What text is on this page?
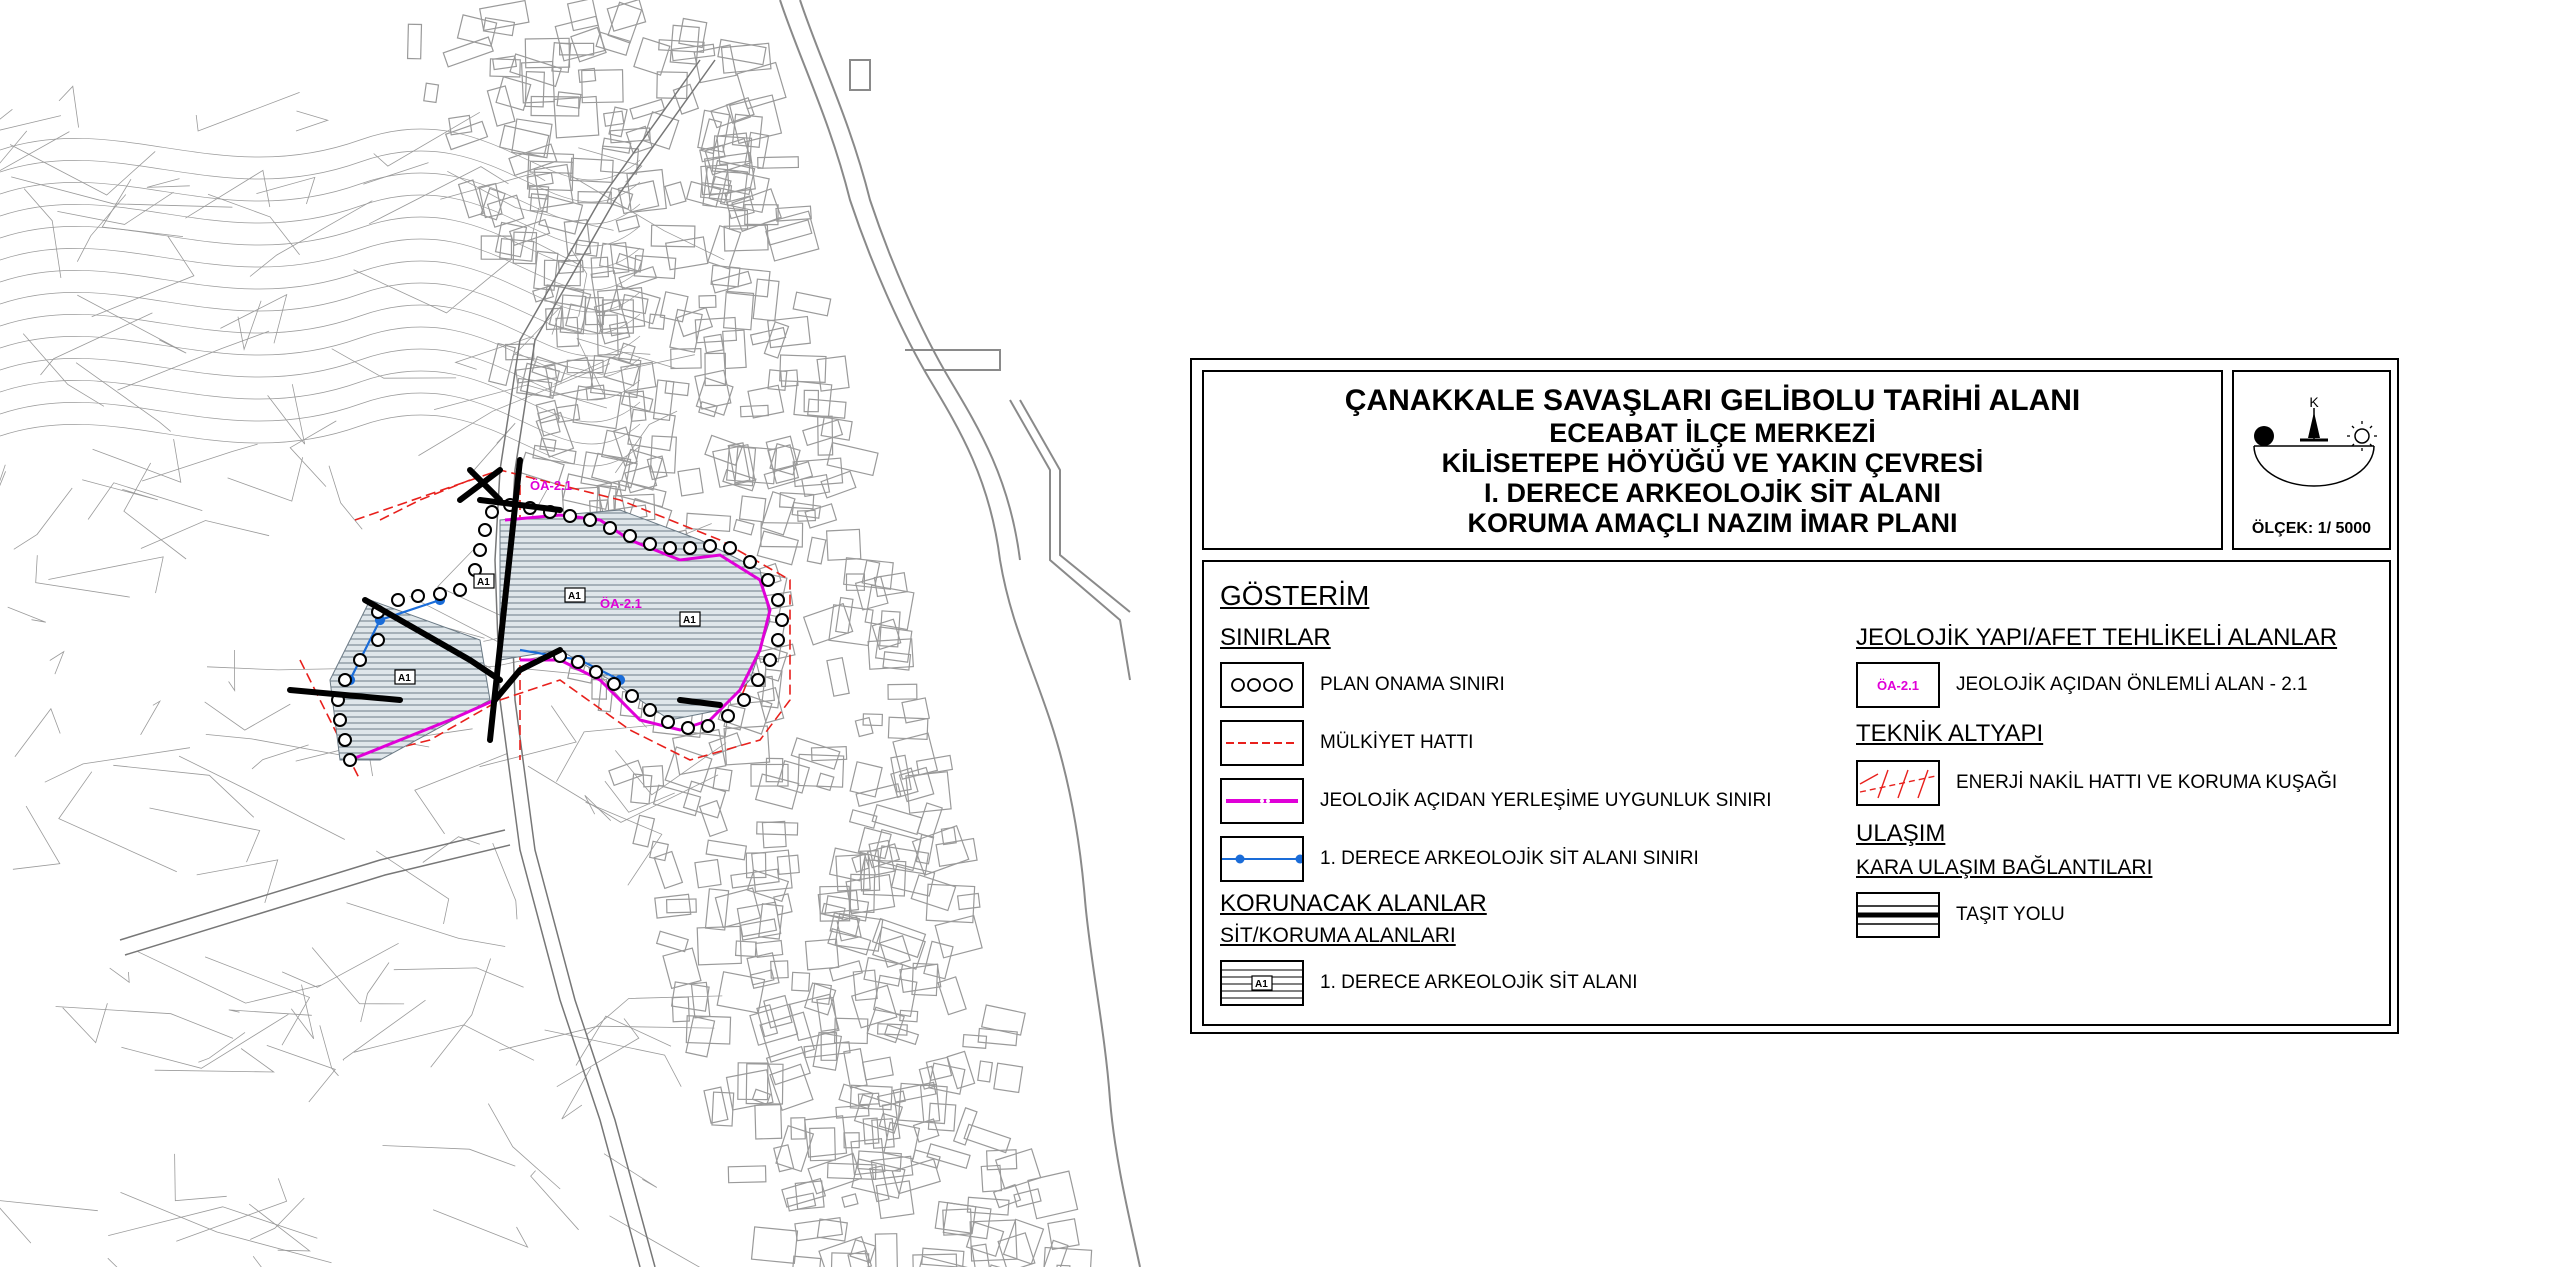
ÖA-2.1
ÖA-2.1
A1
A1
A1
A1
ÇANAKKALE SAVAŞLARI GELİBOLU TARİHİ ALANI
ECEABAT İLÇE MERKEZİ
KİLİSETEPE HÖYÜĞÜ VE YAKIN ÇEVRESİ
I. DERECE ARKEOLOJİK SİT ALANI
KORUMA AMAÇLI NAZIM İMAR PLANI
K
ÖLÇEK: 1/ 5000
GÖSTERİM
SINIRLAR
PLAN ONAMA SINIRI
MÜLKİYET HATTI
JEOLOJİK AÇIDAN YERLEŞİME UYGUNLUK SINIRI
1. DERECE ARKEOLOJİK SİT ALANI SINIRI
KORUNACAK ALANLAR
SİT/KORUMA ALANLARI
A1	1. DERECE ARKEOLOJİK SİT ALANI
JEOLOJİK YAPI/AFET TEHLİKELİ ALANLAR
ÖA-2.1 JEOLOJİK AÇIDAN ÖNLEMLİ ALAN - 2.1
TEKNİK ALTYAPI
ENERJİ NAKİL HATTI VE KORUMA KUŞAĞI
ULAŞIM
KARA ULAŞIM BAĞLANTILARI
TAŞIT YOLU
